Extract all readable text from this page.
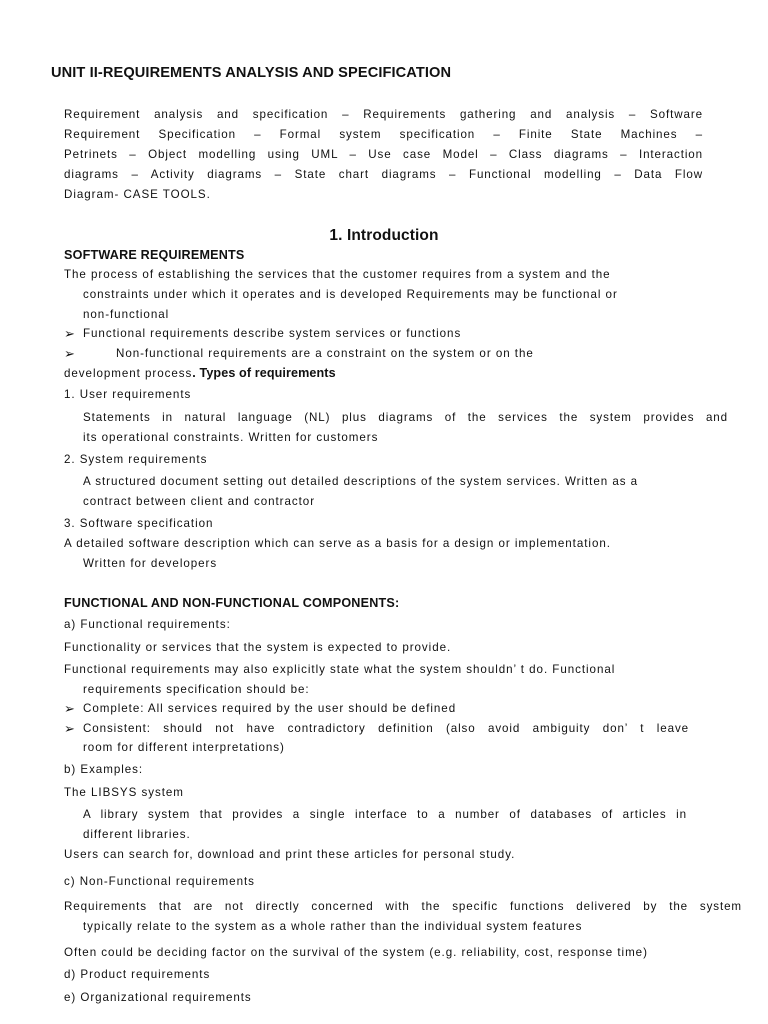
UNIT II-REQUIREMENTS ANALYSIS AND SPECIFICATION
Requirement analysis and specification – Requirements gathering and analysis – Software
Requirement Specification – Formal system specification – Finite State Machines –
Petrinets – Object modelling using UML – Use case Model – Class diagrams – Interaction
diagrams – Activity diagrams – State chart diagrams – Functional modelling – Data Flow
Diagram- CASE TOOLS.
1. Introduction
SOFTWARE REQUIREMENTS
The process of establishing the services that the customer requires from a system and the
constraints under which it operates and is developed Requirements may be functional or
non-functional
➢ Functional requirements describe system services or functions
➢	Non-functional requirements are a constraint on the system or on the
development process. Types of requirements
1. User requirements
Statements in natural language (NL) plus diagrams of the services the system provides and
its operational constraints. Written for customers
2. System requirements
A structured document setting out detailed descriptions of the system services. Written as a
contract between client and contractor
3. Software specification
A detailed software description which can serve as a basis for a design or implementation.
Written for developers
FUNCTIONAL AND NON-FUNCTIONAL COMPONENTS:
a) Functional requirements:
Functionality or services that the system is expected to provide.
Functional requirements may also explicitly state what the system shouldn’ t do. Functional
requirements specification should be:
➢ Complete: All services required by the user should be defined
➢ Consistent: should not have contradictory definition (also avoid ambiguity don’ t leave
room for different interpretations)
b) Examples:
The LIBSYS system
A library system that provides a single interface to a number of databases of articles in
different libraries.
Users can search for, download and print these articles for personal study.
c) Non-Functional requirements
Requirements that are not directly concerned with the specific functions delivered by the system
typically relate to the system as a whole rather than the individual system features
Often could be deciding factor on the survival of the system (e.g. reliability, cost, response time)
d) Product requirements
e) Organizational requirements
